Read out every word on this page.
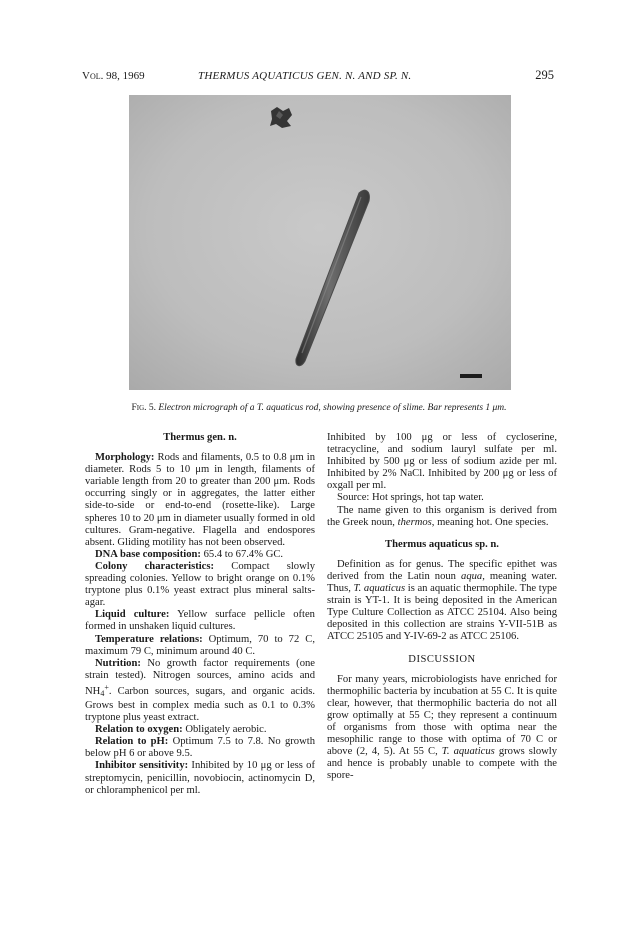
Vol. 98, 1969	THERMUS AQUATICUS GEN. N. AND SP. N.	295
Fig. 5. Electron micrograph of a T. aquaticus rod, showing presence of slime. Bar represents 1 μm.

Thermus gen. n.

Morphology: Rods and filaments, 0.5 to 0.8 μm in diameter. Rods 5 to 10 μm in length, filaments of variable length from 20 to greater than 200 μm. Rods occurring singly or in aggregates, the latter either side-to-side or end-to-end (rosette-like). Large spheres 10 to 20 μm in diameter usually formed in old cultures. Gram-negative. Flagella and endospores absent. Gliding motility has not been observed.

DNA base composition: 65.4 to 67.4% GC.

Colony characteristics: Compact slowly spreading colonies. Yellow to bright orange on 0.1% tryptone plus 0.1% yeast extract plus mineral salts-agar.

Liquid culture: Yellow surface pellicle often formed in unshaken liquid cultures.

Temperature relations: Optimum, 70 to 72 C, maximum 79 C, minimum around 40 C.

Nutrition: No growth factor requirements (one strain tested). Nitrogen sources, amino acids and $NH_4^+$. Carbon sources, sugars, and organic acids. Grows best in complex media such as 0.1 to 0.3% tryptone plus yeast extract.

Relation to oxygen: Obligately aerobic.

Relation to pH: Optimum 7.5 to 7.8. No growth below pH 6 or above 9.5.

Inhibitor sensitivity: Inhibited by 10 μg or less of streptomycin, penicillin, novobiocin, actinomycin D, or chloramphenicol per ml.

Inhibited by 100 μg or less of cycloserine, tetracycline, and sodium lauryl sulfate per ml. Inhibited by 500 μg or less of sodium azide per ml. Inhibited by 2% NaCl. Inhibited by 200 μg or less of oxgall per ml.

Source: Hot springs, hot tap water.

The name given to this organism is derived from the Greek noun, thermos, meaning hot. One species.

Thermus aquaticus sp. n.

Definition as for genus. The specific epithet was derived from the Latin noun aqua, meaning water. Thus, T. aquaticus is an aquatic thermophile. The type strain is YT-1. It is being deposited in the American Type Culture Collection as ATCC 25104. Also being deposited in this collection are strains Y-VII-51B as ATCC 25105 and Y-IV-69-2 as ATCC 25106.

DISCUSSION

For many years, microbiologists have enriched for thermophilic bacteria by incubation at 55 C. It is quite clear, however, that thermophilic bacteria do not all grow optimally at 55 C; they represent a continuum of organisms from those with optima near the mesophilic range to those with optima of 70 C or above (2, 4, 5). At 55 C, T. aquaticus grows slowly and hence is probably unable to compete with the spore-
